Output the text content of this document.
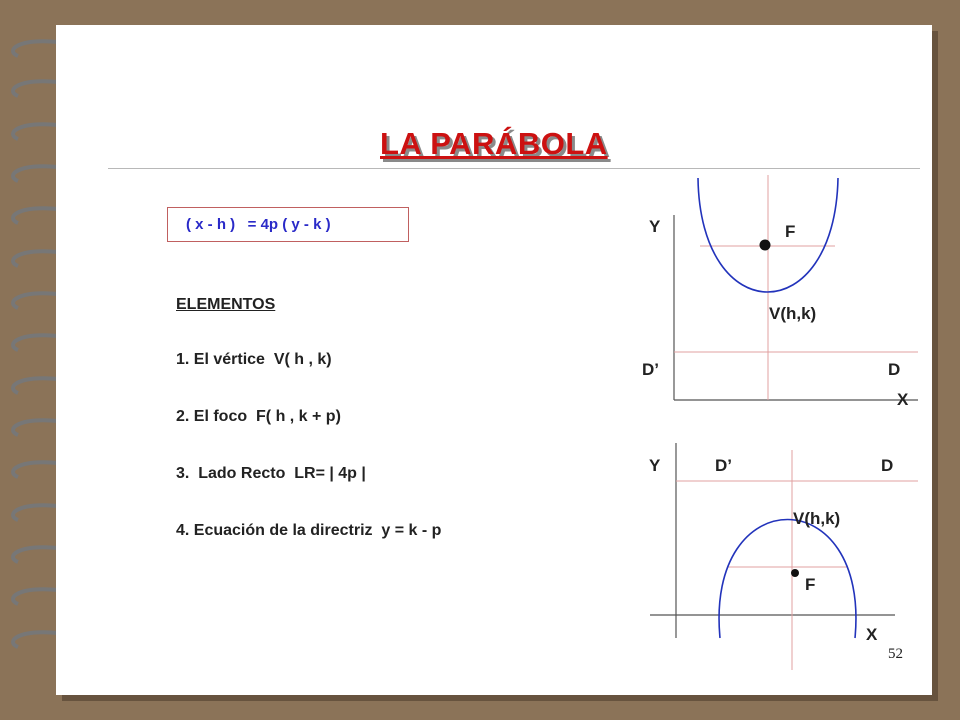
LA PARÁBOLA
( x - h )   = 4p ( y - k )
ELEMENTOS
1. El vértice  V( h , k)
2. El foco  F( h , k + p)
3.  Lado Recto  LR= | 4p |
4. Ecuación de la directriz  y = k - p
Y	F
V(h,k)
D’	D
X
Y	D’	D
V(h,k)
F
X
52
